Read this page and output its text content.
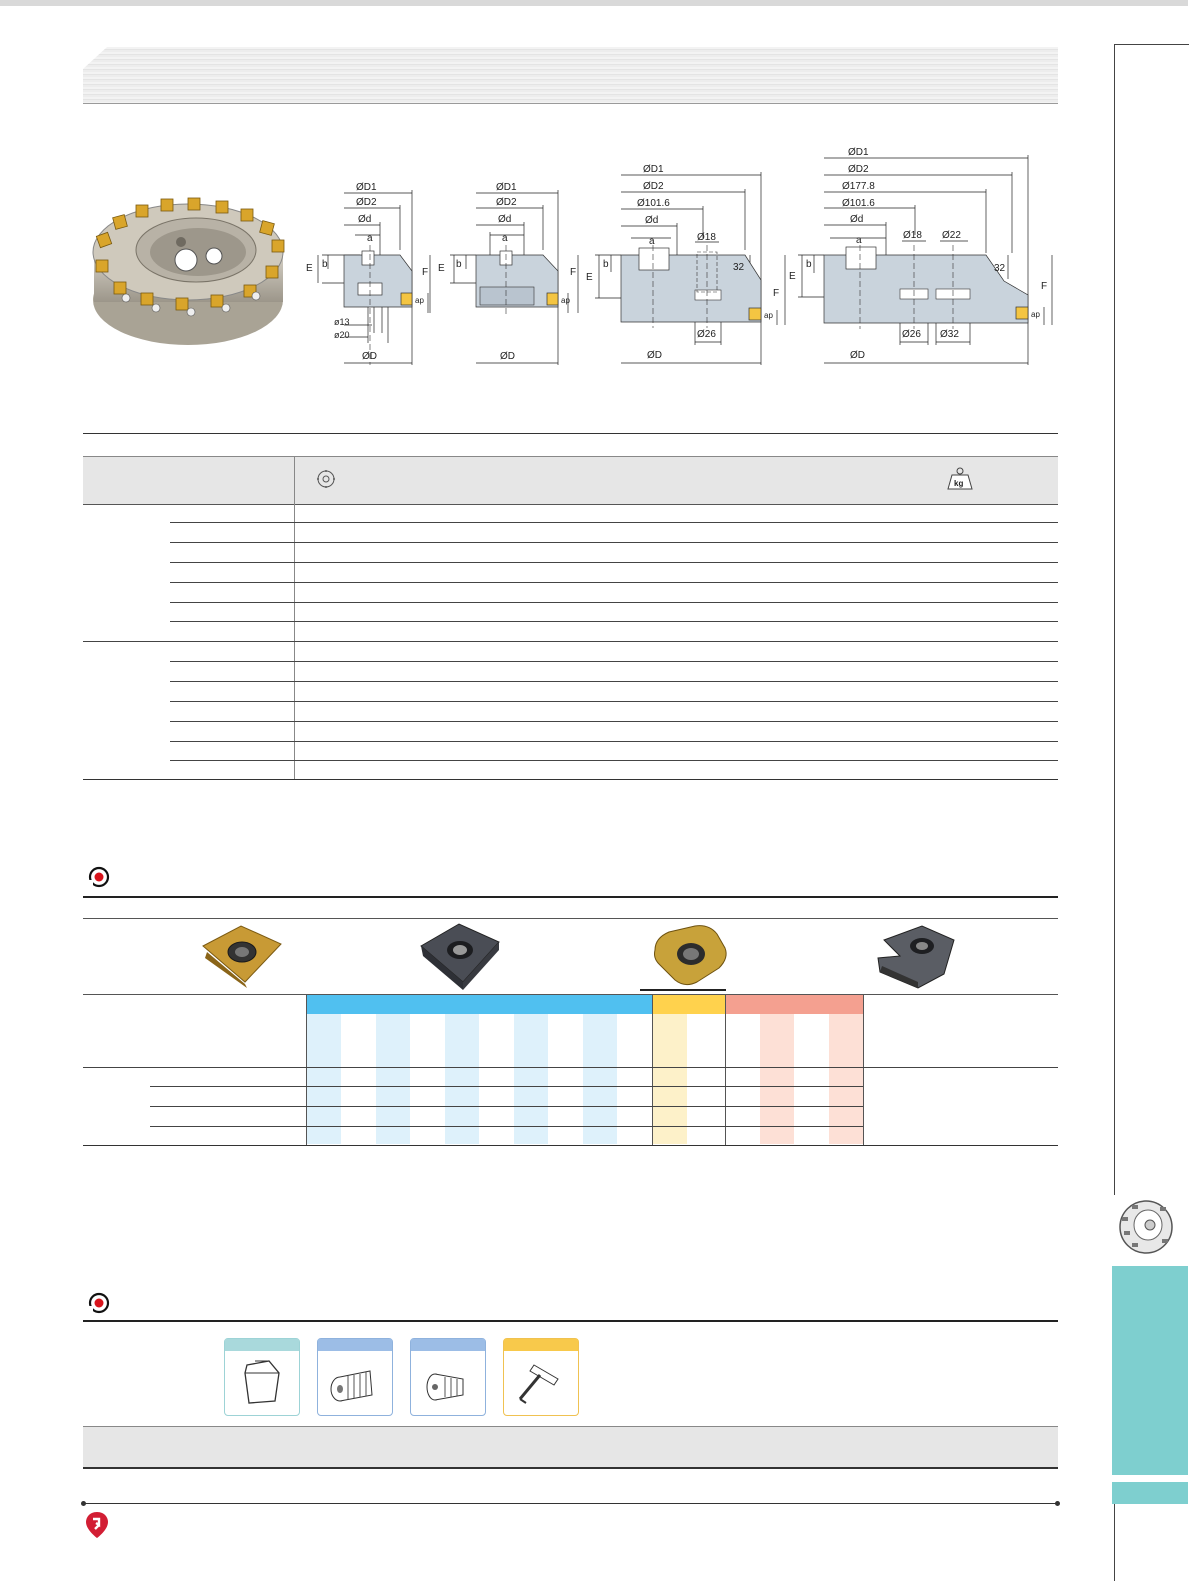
ØD1
ØD2
Ød
a
b
E	F
ap
ø13
ø20
ØD
ØD1
ØD2
Ød
a
b
E	F
ap
ØD
ØD1
ØD2
Ø101.6
Ød
a	Ø18
b
E
32
F
ap
Ø26
ØD
ØD1
ØD2
Ø177.8
Ø101.6
Ød
a	Ø18 Ø22
b
E
32
F
ap
Ø26 Ø32
ØD
kg
